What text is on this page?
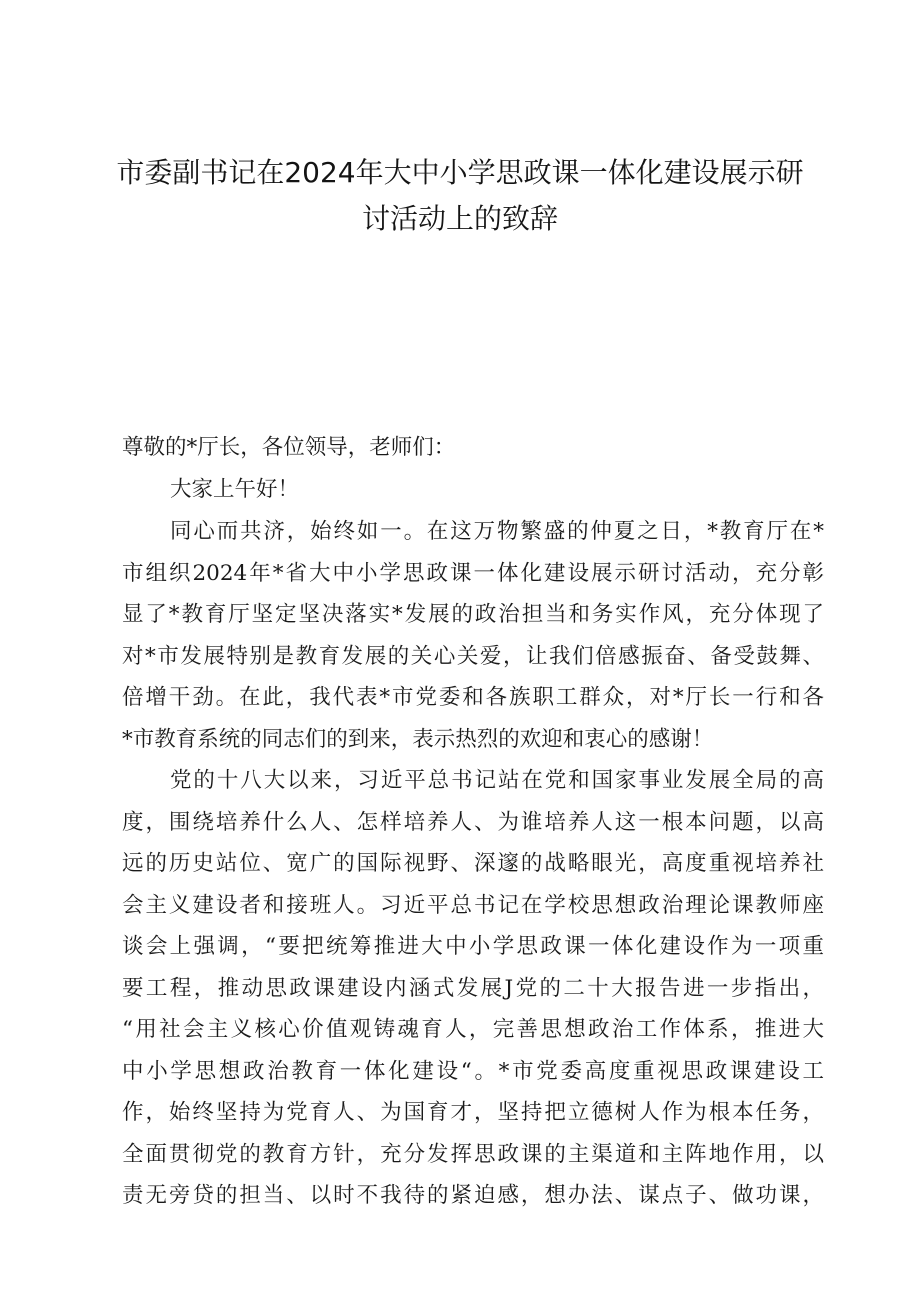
市委副书记在2024年大中小学思政课一体化建设展示研
讨活动上的致辞
尊敬的*厅长，各位领导，老师们：
大家上午好！
同心而共济，始终如一。在这万物繁盛的仲夏之日，*教育厅在*
市组织2024年*省大中小学思政课一体化建设展示研讨活动，充分彰
显了*教育厅坚定坚决落实*发展的政治担当和务实作风，充分体现了
对*市发展特别是教育发展的关心关爱，让我们倍感振奋、备受鼓舞、
倍增干劲。在此，我代表*市党委和各族职工群众，对*厅长一行和各
*市教育系统的同志们的到来，表示热烈的欢迎和衷心的感谢！
党的十八大以来，习近平总书记站在党和国家事业发展全局的高
度，围绕培养什么人、怎样培养人、为谁培养人这一根本问题，以高
远的历史站位、宽广的国际视野、深邃的战略眼光，高度重视培养社
会主义建设者和接班人。习近平总书记在学校思想政治理论课教师座
谈会上强调，“要把统筹推进大中小学思政课一体化建设作为一项重
要工程，推动思政课建设内涵式发展J党的二十大报告进一步指出，
“用社会主义核心价值观铸魂育人，完善思想政治工作体系，推进大
中小学思想政治教育一体化建设“。*市党委高度重视思政课建设工
作，始终坚持为党育人、为国育才，坚持把立德树人作为根本任务，
全面贯彻党的教育方针，充分发挥思政课的主渠道和主阵地作用，以
责无旁贷的担当、以时不我待的紧迫感，想办法、谋点子、做功课，
